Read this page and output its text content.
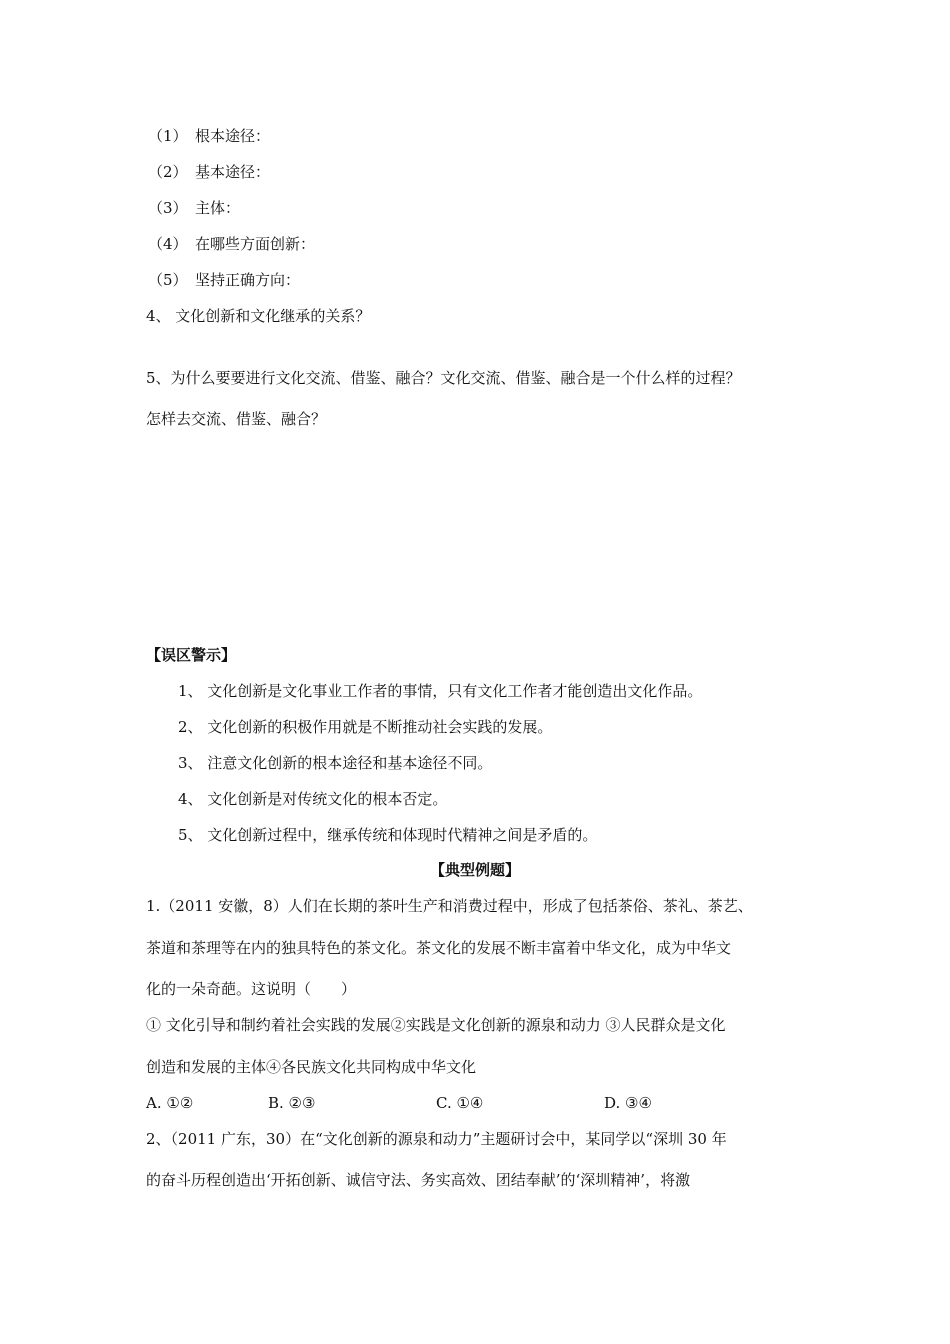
（1）　根本途径：
（2）　基本途径：
（3）　主体：
（4）　在哪些方面创新：
（5）　坚持正确方向：
4、 文化创新和文化继承的关系？
5、为什么要要进行文化交流、借鉴、融合？文化交流、借鉴、融合是一个什么样的过程？
怎样去交流、借鉴、融合？
【误区警示】
1、 文化创新是文化事业工作者的事情，只有文化工作者才能创造出文化作品。
2、 文化创新的积极作用就是不断推动社会实践的发展。
3、 注意文化创新的根本途径和基本途径不同。
4、 文化创新是对传统文化的根本否定。
5、 文化创新过程中，继承传统和体现时代精神之间是矛盾的。
【典型例题】
1.（2011 安徽，8）人们在长期的茶叶生产和消费过程中，形成了包括茶俗、茶礼、茶艺、
茶道和茶理等在内的独具特色的茶文化。茶文化的发展不断丰富着中华文化，成为中华文
化的一朵奇葩。这说明（　　）
① 文化引导和制约着社会实践的发展②实践是文化创新的源泉和动力 ③人民群众是文化
创造和发展的主体④各民族文化共同构成中华文化
A. ①②	B. ②③	C. ①④	D. ③④
2、（2011 广东，30）在“文化创新的源泉和动力”主题研讨会中，某同学以“深圳 30 年
的奋斗历程创造出‘开拓创新、诚信守法、务实高效、团结奉献’的‘深圳精神’，将激
